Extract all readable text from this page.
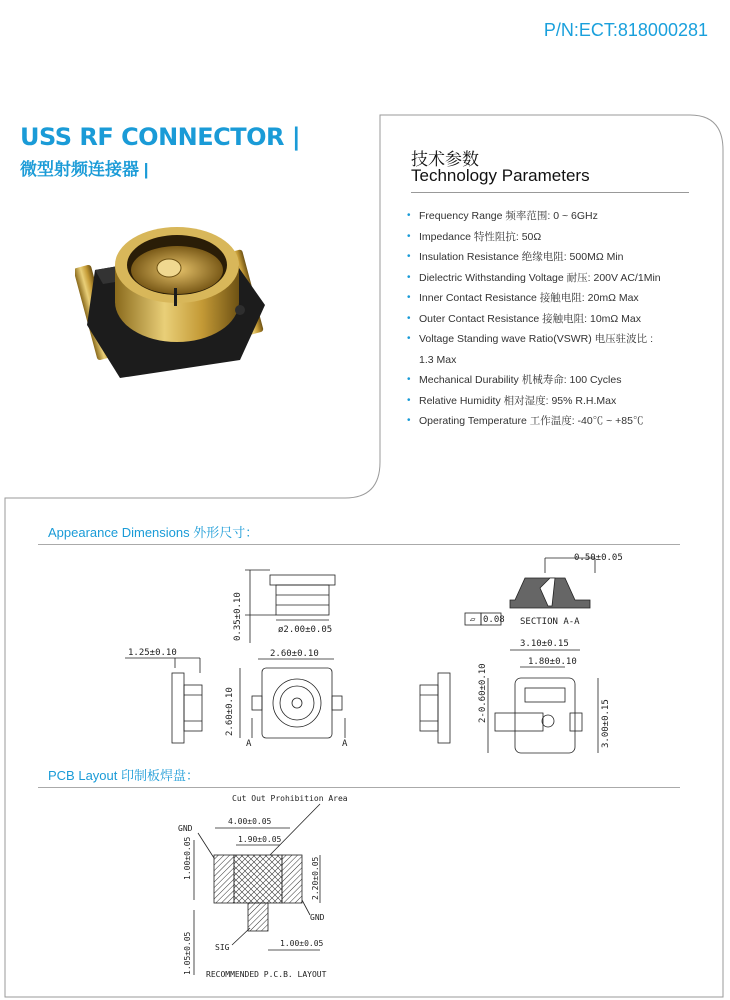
P/N:ECT:818000281
USS RF CONNECTOR |
微型射频连接器 |
技术参数
Technology Parameters
• Frequency Range 频率范围: 0 ~ 6GHz
• Impedance 特性阻抗: 50Ω
• Insulation Resistance 绝缘电阻: 500MΩ Min
• Dielectric Withstanding Voltage 耐压: 200V AC/1Min
• Inner Contact Resistance 接触电阻: 20mΩ Max
• Outer Contact Resistance 接触电阻: 10mΩ Max
• Voltage Standing wave Ratio(VSWR) 电压驻波比 :
1.3 Max
• Mechanical Durability 机械寿命: 100 Cycles
• Relative Humidity 相对湿度: 95% R.H.Max
• Operating Temperature 工作温度: -40℃ ~ +85℃
Appearance Dimensions 外形尺寸：
0.35±0.10	ø2.00±0.05
1.25±0.10	2.60±0.10
2.60±0.10
A	A
0.50±0.05
▱ 0.08 SECTION A-A
3.10±0.15
1.80±0.10
2-0.60±0.10
3.00±0.15
PCB Layout 印制板焊盘：
Cut Out Prohibition Area
4.00±0.05
1.90±0.05
GND
1.00±0.05	2.20±0.05
GND
SIG	1.00±0.05
1.05±0.05 RECOMMENDED P.C.B. LAYOUT
